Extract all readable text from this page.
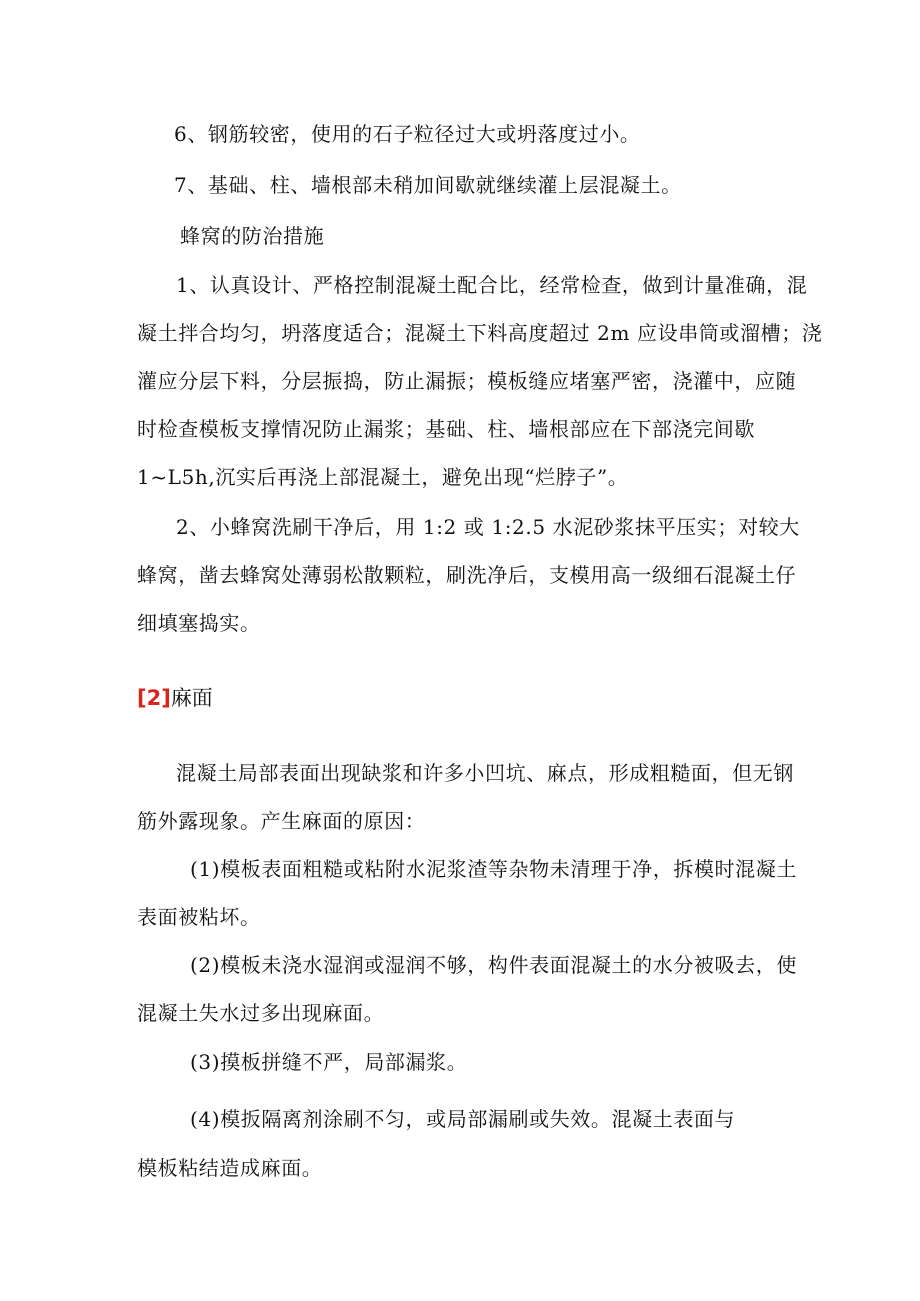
6、钢筋较密，使用的石子粒径过大或坍落度过小。

7、基础、柱、墙根部未稍加间歇就继续灌上层混凝土。

蜂窝的防治措施

1、认真设计、严格控制混凝土配合比，经常检查，做到计量准确，混

凝土拌合均匀，坍落度适合；混凝土下料高度超过 2m 应设串筒或溜槽；浇

灌应分层下料，分层振捣，防止漏振；模板缝应堵塞严密，浇灌中，应随

时检查模板支撑情况防止漏浆；基础、柱、墙根部应在下部浇完间歇

1~L5h,沉实后再浇上部混凝土，避免出现“烂脖子”。

2、小蜂窝洗刷干净后，用 1:2 或 1:2.5 水泥砂浆抹平压实；对较大

蜂窝，凿去蜂窝处薄弱松散颗粒，刷洗净后，支模用高一级细石混凝土仔

细填塞捣实。

[2]麻面

混凝土局部表面出现缺浆和许多小凹坑、麻点，形成粗糙面，但无钢

筋外露现象。产生麻面的原因：

(1)模板表面粗糙或粘附水泥浆渣等杂物未清理于净，拆模时混凝土

表面被粘坏。

(2)模板未浇水湿润或湿润不够，构件表面混凝土的水分被吸去，使

混凝土失水过多出现麻面。

(3)摸板拼缝不严，局部漏浆。

(4)模扳隔离剂涂刷不匀，或局部漏刷或失效。混凝土表面与

模板粘结造成麻面。
